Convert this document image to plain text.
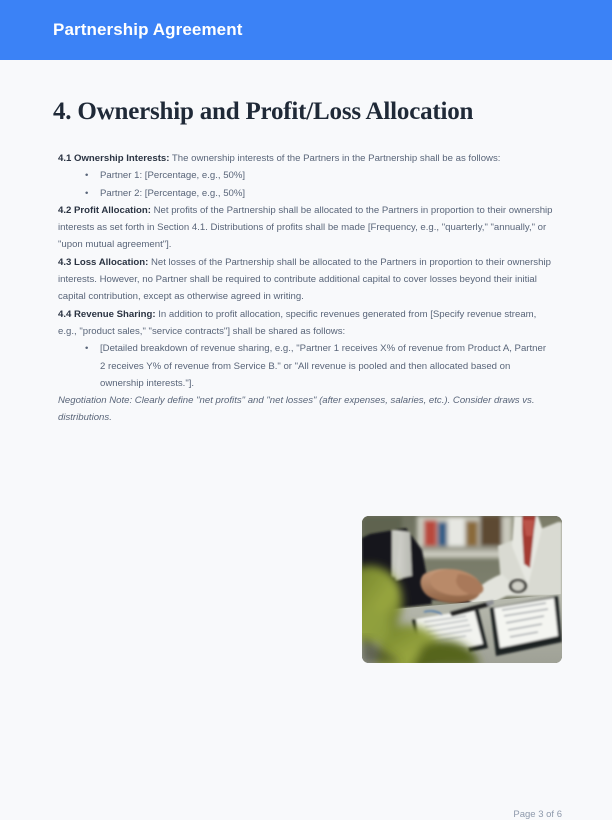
Partnership Agreement
4. Ownership and Profit/Loss Allocation

4.1 Ownership Interests: The ownership interests of the Partners in the Partnership shall be as follows:

• Partner 1: [Percentage, e.g., 50%]
• Partner 2: [Percentage, e.g., 50%]

4.2 Profit Allocation: Net profits of the Partnership shall be allocated to the Partners in proportion to their ownership interests as set forth in Section 4.1. Distributions of profits shall be made [Frequency, e.g., "quarterly," "annually," or "upon mutual agreement"].

4.3 Loss Allocation: Net losses of the Partnership shall be allocated to the Partners in proportion to their ownership interests. However, no Partner shall be required to contribute additional capital to cover losses beyond their initial capital contribution, except as otherwise agreed in writing.

4.4 Revenue Sharing: In addition to profit allocation, specific revenues generated from [Specify revenue stream, e.g., "product sales," "service contracts"] shall be shared as follows:

• [Detailed breakdown of revenue sharing, e.g., "Partner 1 receives X% of revenue from Product A, Partner 2 receives Y% of revenue from Service B." or "All revenue is pooled and then allocated based on ownership interests."].

Negotiation Note: Clearly define "net profits" and "net losses" (after expenses, salaries, etc.). Consider draws vs. distributions.

Page 3 of 6
